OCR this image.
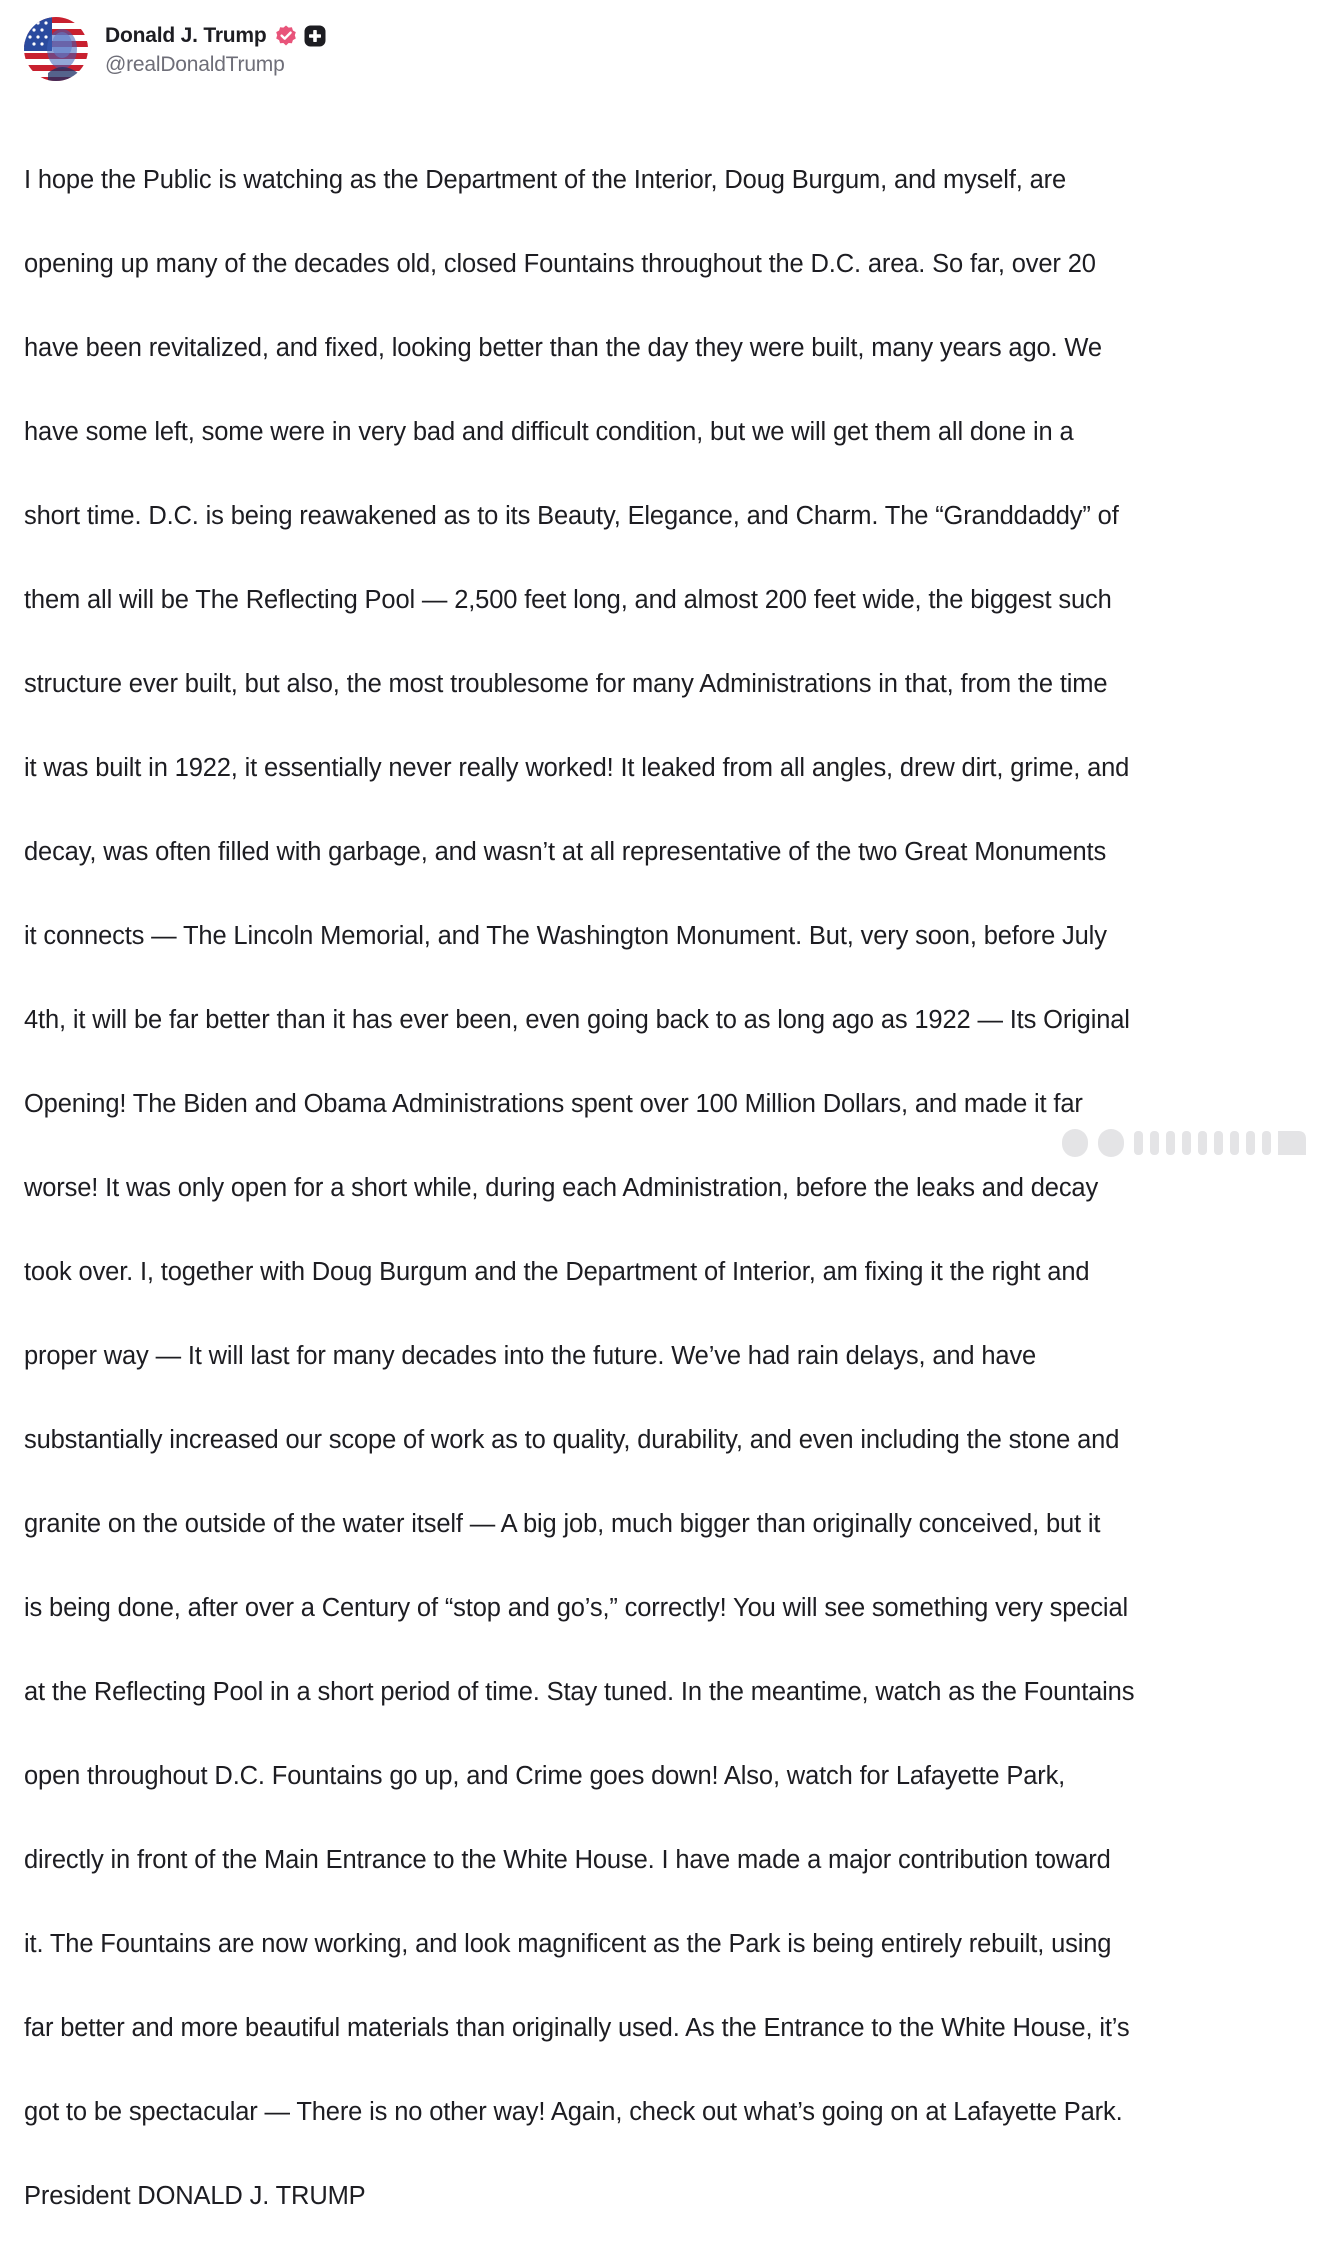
Donald J. Trump
@realDonaldTrump

I hope the Public is watching as the Department of the Interior, Doug Burgum, and myself, are

opening up many of the decades old, closed Fountains throughout the D.C. area. So far, over 20

have been revitalized, and fixed, looking better than the day they were built, many years ago. We

have some left, some were in very bad and difficult condition, but we will get them all done in a

short time. D.C. is being reawakened as to its Beauty, Elegance, and Charm. The “Granddaddy” of

them all will be The Reflecting Pool — 2,500 feet long, and almost 200 feet wide, the biggest such

structure ever built, but also, the most troublesome for many Administrations in that, from the time

it was built in 1922, it essentially never really worked! It leaked from all angles, drew dirt, grime, and

decay, was often filled with garbage, and wasn’t at all representative of the two Great Monuments

it connects — The Lincoln Memorial, and The Washington Monument. But, very soon, before July

4th, it will be far better than it has ever been, even going back to as long ago as 1922 — Its Original

Opening! The Biden and Obama Administrations spent over 100 Million Dollars, and made it far

worse! It was only open for a short while, during each Administration, before the leaks and decay

took over. I, together with Doug Burgum and the Department of Interior, am fixing it the right and

proper way — It will last for many decades into the future. We’ve had rain delays, and have

substantially increased our scope of work as to quality, durability, and even including the stone and

granite on the outside of the water itself — A big job, much bigger than originally conceived, but it

is being done, after over a Century of “stop and go’s,” correctly! You will see something very special

at the Reflecting Pool in a short period of time. Stay tuned. In the meantime, watch as the Fountains

open throughout D.C. Fountains go up, and Crime goes down! Also, watch for Lafayette Park,

directly in front of the Main Entrance to the White House. I have made a major contribution toward

it. The Fountains are now working, and look magnificent as the Park is being entirely rebuilt, using

far better and more beautiful materials than originally used. As the Entrance to the White House, it’s

got to be spectacular — There is no other way! Again, check out what’s going on at Lafayette Park.

President DONALD J. TRUMP
